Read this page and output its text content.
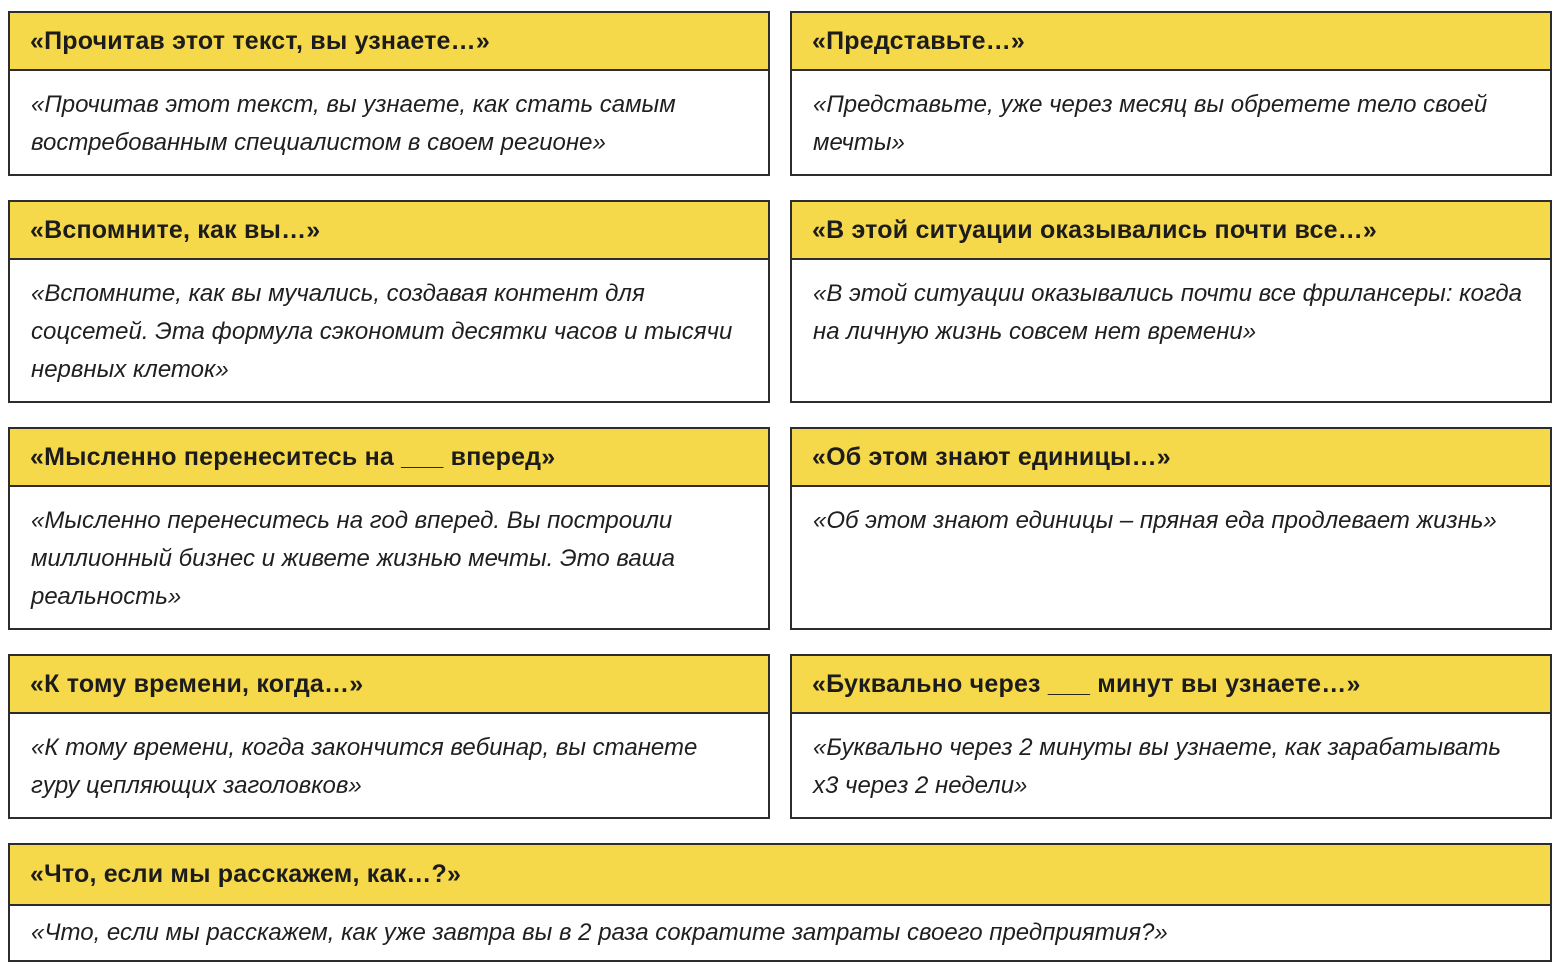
«Прочитав этот текст, вы узнаете…»
«Прочитав этот текст, вы узнаете, как стать самым востребованным специалистом в своем регионе»
«Представьте…»
«Представьте, уже через месяц вы обретете тело своей мечты»
«Вспомните, как вы…»
«Вспомните, как вы мучались, создавая контент для соцсетей. Эта формула сэкономит десятки часов и тысячи нервных клеток»
«В этой ситуации оказывались почти все…»
«В этой ситуации оказывались почти все фрилансеры: когда на личную жизнь совсем нет времени»
«Мысленно перенеситесь на ___ вперед»
«Мысленно перенеситесь на год вперед. Вы построили миллионный бизнес и живете жизнью мечты. Это ваша реальность»
«Об этом знают единицы…»
«Об этом знают единицы – пряная еда продлевает жизнь»
«К тому времени, когда…»
«К тому времени, когда закончится вебинар, вы станете гуру цепляющих заголовков»
«Буквально через ___ минут вы узнаете…»
«Буквально через 2 минуты вы узнаете, как зарабатывать х3 через 2 недели»
«Что, если мы расскажем, как…?»
«Что, если мы расскажем, как уже завтра вы в 2 раза сократите затраты своего предприятия?»
